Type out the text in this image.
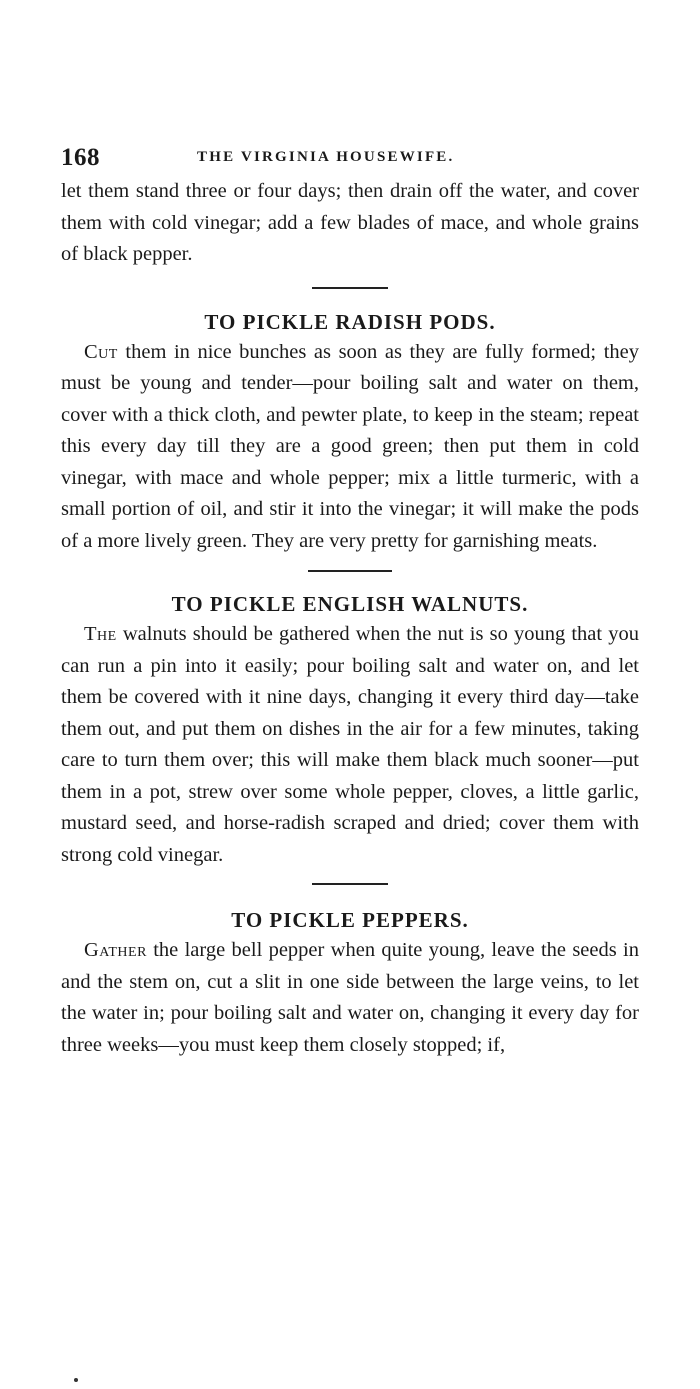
168	THE VIRGINIA HOUSEWIFE.

let them stand three or four days; then drain off the water, and cover them with cold vinegar; add a few blades of mace, and whole grains of black pepper.

TO PICKLE RADISH PODS.

Cut them in nice bunches as soon as they are fully formed; they must be young and tender—pour boiling salt and water on them, cover with a thick cloth, and pewter plate, to keep in the steam; repeat this every day till they are a good green; then put them in cold vinegar, with mace and whole pepper; mix a little turmeric, with a small portion of oil, and stir it into the vinegar; it will make the pods of a more lively green. They are very pretty for garnishing meats.

TO PICKLE ENGLISH WALNUTS.

The walnuts should be gathered when the nut is so young that you can run a pin into it easily; pour boiling salt and water on, and let them be covered with it nine days, changing it every third day—take them out, and put them on dishes in the air for a few minutes, taking care to turn them over; this will make them black much sooner—put them in a pot, strew over some whole pepper, cloves, a little garlic, mustard seed, and horse-radish scraped and dried; cover them with strong cold vinegar.

TO PICKLE PEPPERS.

Gather the large bell pepper when quite young, leave the seeds in and the stem on, cut a slit in one side between the large veins, to let the water in; pour boiling salt and water on, changing it every day for three weeks—you must keep them closely stopped; if,
